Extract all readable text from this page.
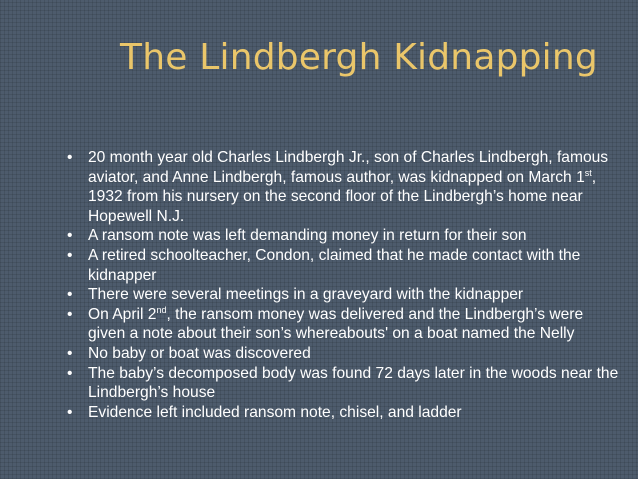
The Lindbergh Kidnapping
• 20 month year old Charles Lindbergh Jr., son of Charles Lindbergh, famous aviator, and Anne Lindbergh, famous author, was kidnapped on March 1st, 1932 from his nursery on the second floor of the Lindbergh’s home near Hopewell N.J.
• A ransom note was left demanding money in return for their son
• A retired schoolteacher, Condon, claimed that he made contact with the kidnapper
• There were several meetings in a graveyard with the kidnapper
• On April 2nd, the ransom money was delivered and the Lindbergh’s were given a note about their son’s whereabouts' on a boat named the Nelly
• No baby or boat was discovered
• The baby’s decomposed body was found 72 days later in the woods near the Lindbergh’s house
• Evidence left included ransom note, chisel, and ladder
